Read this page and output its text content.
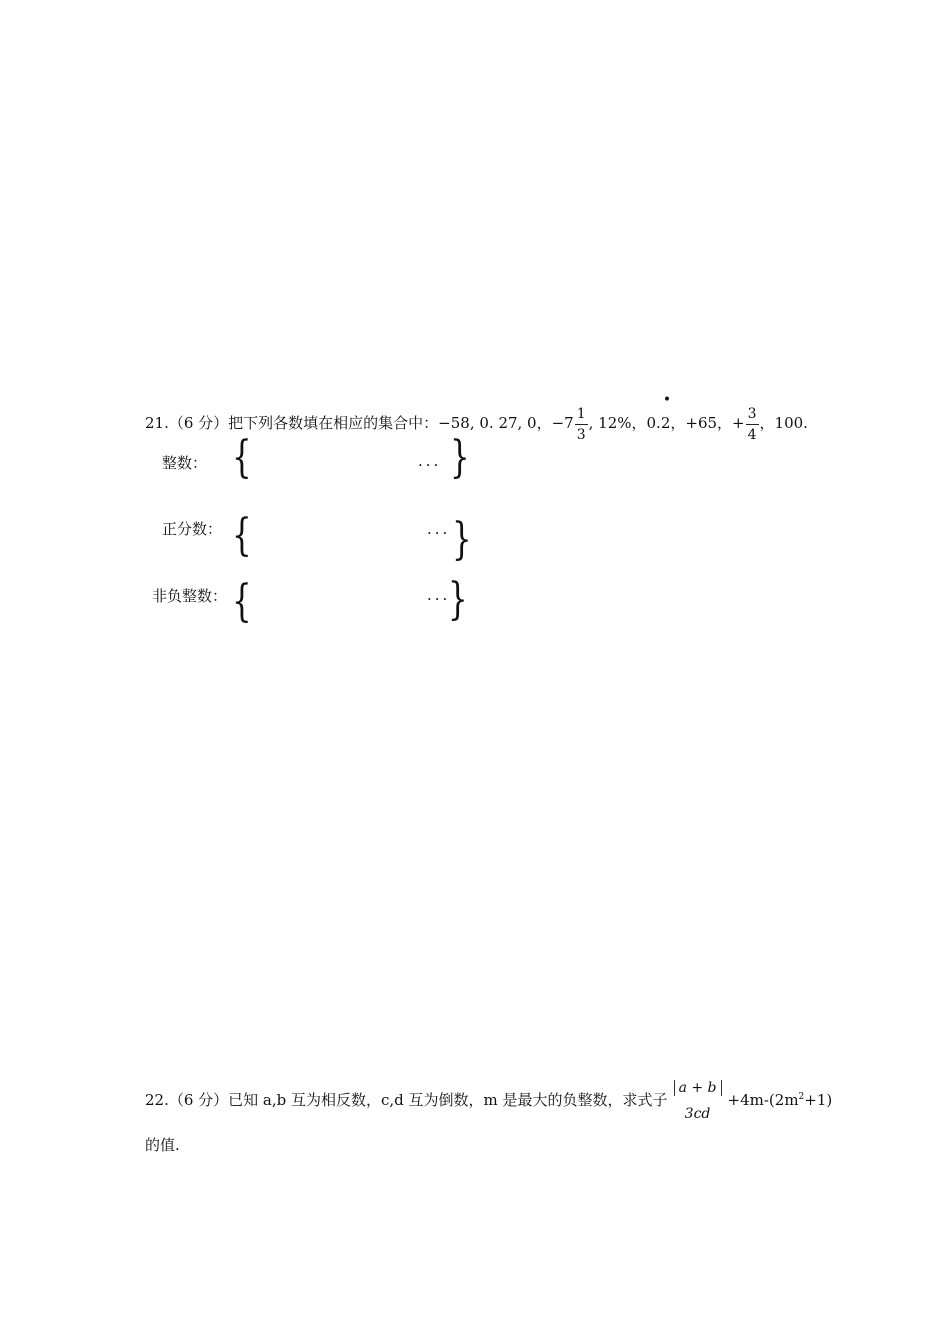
21.（6 分）把下列各数填在相应的集合中：−58, 0. 27, 0，$-7 \frac{1}{3}$ , 12%，0.
•
2，+65，+ $\frac{3}{4}$ ，100.
整数： {	... }
正分数： {	... }
非负整数： {	...
}
22.（6 分）已知 a,b 互为相反数，c,d 互为倒数，m 是最大的负整数，求式子
a + b
3cd
$+4m-(2m^2+1)$
的值.
